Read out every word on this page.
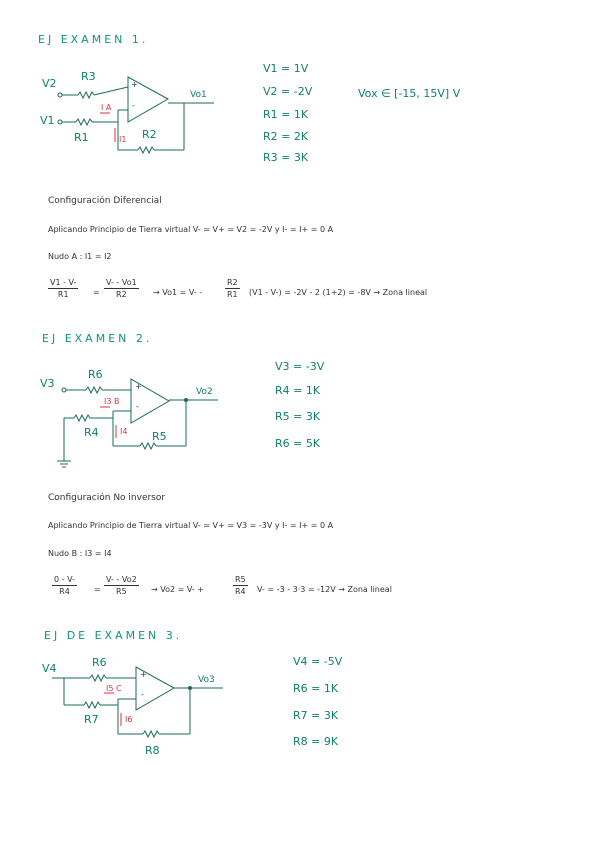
EJ EXAMEN 1.
V2
V1
R3
R1	R2
I A
I1
+
-
Vo1
V1 = 1V
V2 = -2V
R1 = 1K
R2 = 2K
R3 = 3K
Vox ∈ [-15, 15V] V
Configuración Diferencial
Aplicando Principio de Tierra virtual V- = V+ = V2 = -2V y I- = I+ = 0 A
Nudo A : I1 = I2
V1 - V-
R1	=
V- - Vo1
R2	→ Vo1 = V- -
R2
R1 (V1 - V-) = -2V - 2 (1+2) = -8V → Zona lineal
EJ EXAMEN 2.
V3
R6
R4	R5
I3 B
I4
+
-
Vo2
V3 = -3V
R4 = 1K
R5 = 3K
R6 = 5K
Configuración No inversor
Aplicando Principio de Tierra virtual V- = V+ = V3 = -3V y I- = I+ = 0 A
Nudo B : I3 = I4
0 - V-
R4	=
V- - Vo2
R5	→ Vo2 = V- +
R5
R4 V- = -3 - 3·3 = -12V → Zona lineal
EJ DE EXAMEN 3.
V4	R6
R7
R8
I5 C
I6
+
-
Vo3
V4 = -5V
R6 = 1K
R7 = 3K
R8 = 9K
